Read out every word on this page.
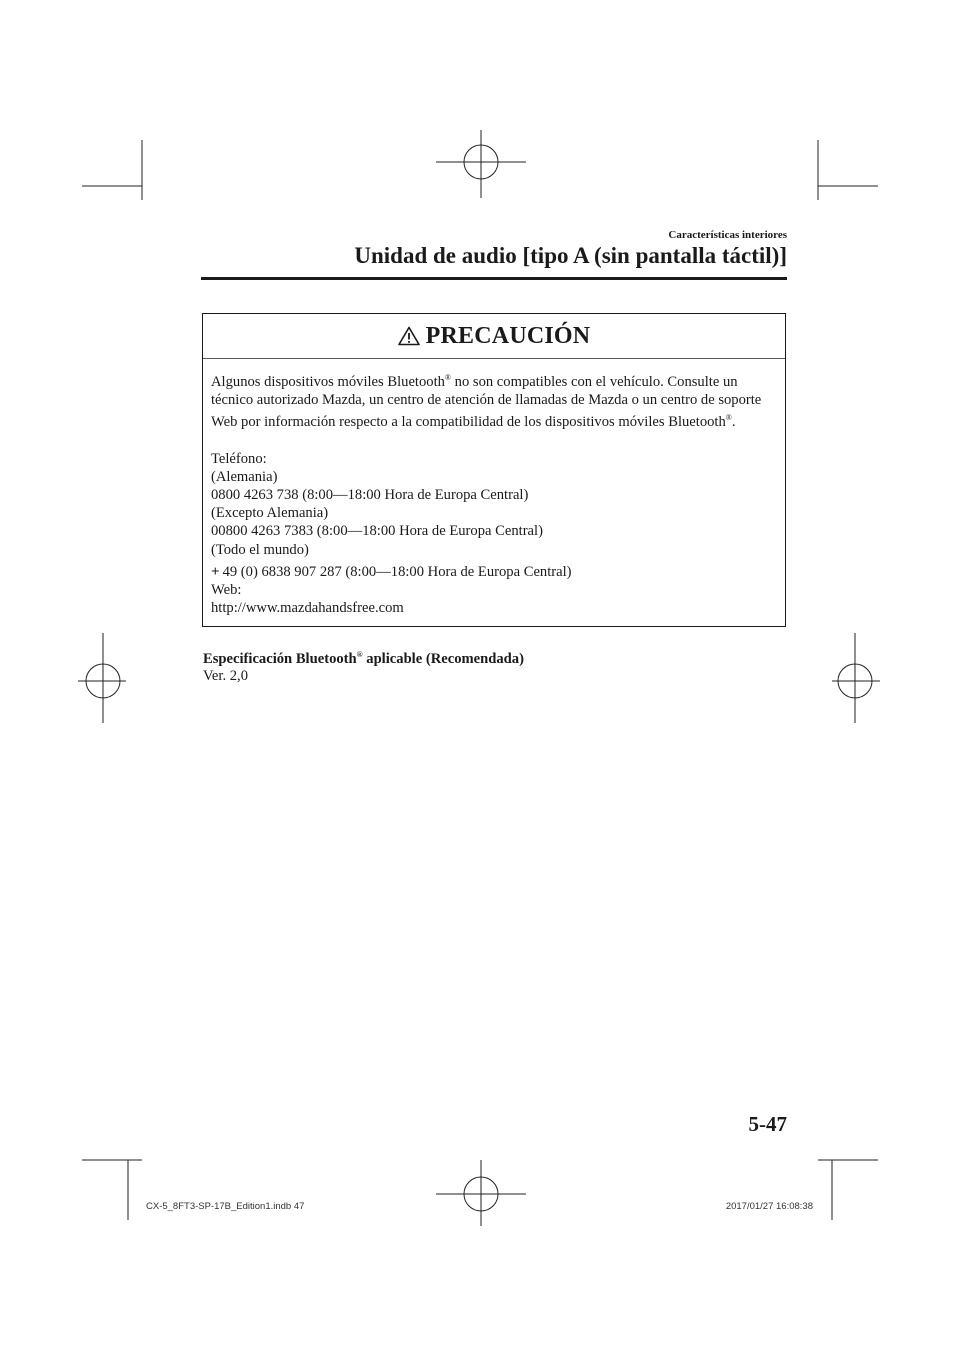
Características interiores

Unidad de audio [tipo A (sin pantalla táctil)]
PRECAUCIÓN

Algunos dispositivos móviles Bluetooth® no son compatibles con el vehículo. Consulte un técnico autorizado Mazda, un centro de atención de llamadas de Mazda o un centro de soporte Web por información respecto a la compatibilidad de los dispositivos móviles Bluetooth®.

Teléfono:

(Alemania)

0800 4263 738 (8:00—18:00 Hora de Europa Central)

(Excepto Alemania)

00800 4263 7383 (8:00—18:00 Hora de Europa Central)

(Todo el mundo)

+ 49 (0) 6838 907 287 (8:00—18:00 Hora de Europa Central)

Web:

http://www.mazdahandsfree.com

Especificación Bluetooth® aplicable (Recomendada)

Ver. 2,0

5-47

CX-5_8FT3-SP-17B_Edition1.indb 47	2017/01/27 16:08:38
